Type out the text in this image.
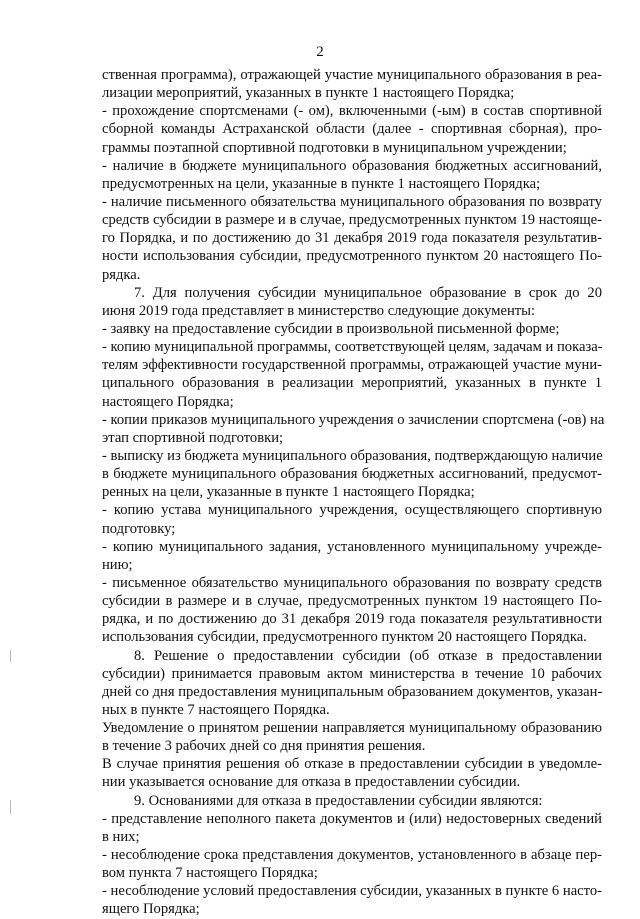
2
ственная программа), отражающей участие муниципального образования в реа-
лизации мероприятий, указанных в пункте 1 настоящего Порядка;
- прохождение спортсменами (- ом), включенными (-ым) в состав спортивной
сборной команды Астраханской области (далее - спортивная сборная), про-
граммы поэтапной спортивной подготовки в муниципальном учреждении;
- наличие в бюджете муниципального образования бюджетных ассигнований,
предусмотренных на цели, указанные в пункте 1 настоящего Порядка;
- наличие письменного обязательства муниципального образования по возврату
средств субсидии в размере и в случае, предусмотренных пунктом 19 настояще-
го Порядка, и по достижению до 31 декабря 2019 года показателя результатив-
ности использования субсидии, предусмотренного пунктом 20 настоящего По-
рядка.
7. Для получения субсидии муниципальное образование в срок до 20
июня 2019 года представляет в министерство следующие документы:
- заявку на предоставление субсидии в произвольной письменной форме;
- копию муниципальной программы, соответствующей целям, задачам и показа-
телям эффективности государственной программы, отражающей участие муни-
ципального образования в реализации мероприятий, указанных в пункте 1
настоящего Порядка;
- копии приказов муниципального учреждения о зачислении спортсмена (-ов) на
этап спортивной подготовки;
- выписку из бюджета муниципального образования, подтверждающую наличие
в бюджете муниципального образования бюджетных ассигнований, предусмот-
ренных на цели, указанные в пункте 1 настоящего Порядка;
- копию устава муниципального учреждения, осуществляющего спортивную
подготовку;
- копию муниципального задания, установленного муниципальному учрежде-
нию;
- письменное обязательство муниципального образования по возврату средств
субсидии в размере и в случае, предусмотренных пунктом 19 настоящего По-
рядка, и по достижению до 31 декабря 2019 года показателя результативности
использования субсидии, предусмотренного пунктом 20 настоящего Порядка.
8. Решение о предоставлении субсидии (об отказе в предоставлении
субсидии) принимается правовым актом министерства в течение 10 рабочих
дней со дня предоставления муниципальным образованием документов, указан-
ных в пункте 7 настоящего Порядка.
Уведомление о принятом решении направляется муниципальному образованию
в течение 3 рабочих дней со дня принятия решения.
В случае принятия решения об отказе в предоставлении субсидии в уведомле-
нии указывается основание для отказа в предоставлении субсидии.
9. Основаниями для отказа в предоставлении субсидии являются:
- представление неполного пакета документов и (или) недостоверных сведений
в них;
- несоблюдение срока представления документов, установленного в абзаце пер-
вом пункта 7 настоящего Порядка;
- несоблюдение условий предоставления субсидии, указанных в пункте 6 насто-
ящего Порядка;
